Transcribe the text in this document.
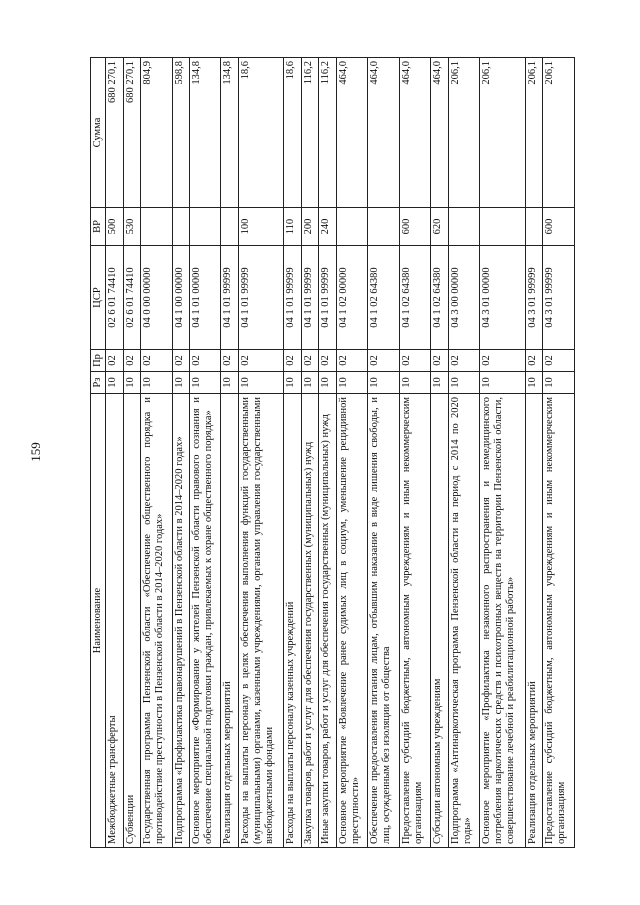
159
Наименование	Рз	Пр	ЦСР	ВР	Сумма
Межбюджетные трансферты	10	02	02 6 01 74410	500	680 270,1
Субвенции	10	02	02 6 01 74410	530	680 270,1
Государственная программа Пензенской области «Обеспечение общественного порядка и противодействие преступности в Пензенской области в 2014–2020 годах»	10	02	04 0 00 00000		804,9
Подпрограмма «Профилактика правонарушений в Пензенской области в 2014–2020 годах»	10	02	04 1 00 00000		598,8
Основное мероприятие «Формирование у жителей Пензенской области правового сознания и обеспечение специальной подготовки граждан, привлекаемых к охране общественного порядка»	10	02	04 1 01 00000		134,8
Реализация отдельных мероприятий	10	02	04 1 01 99999		134,8
Расходы на выплаты персоналу в целях обеспечения выполнения функций государственными (муниципальными) органами, казенными учреждениями, органами управления государственными внебюджетными фондами	10	02	04 1 01 99999	100	18,6
Расходы на выплаты персоналу казенных учреждений	10	02	04 1 01 99999	110	18,6
Закупка товаров, работ и услуг для обеспечения государственных (муниципальных) нужд	10	02	04 1 01 99999	200	116,2
Иные закупки товаров, работ и услуг для обеспечения государственных (муниципальных) нужд	10	02	04 1 01 99999	240	116,2
Основное мероприятие «Вовлечение ранее судимых лиц в социум, уменьшение рецидивной преступности»	10	02	04 1 02 00000		464,0
Обеспечение предоставления питания лицам, отбывшим наказание в виде лишения свободы, и лиц, осужденным без изоляции от общества	10	02	04 1 02 64380		464,0
Предоставление субсидий бюджетным, автономным учреждениям и иным некоммерческим организациям	10	02	04 1 02 64380	600	464,0
Субсидии автономным учреждениям	10	02	04 1 02 64380	620	464,0
Подпрограмма «Антинаркотическая программа Пензенской области на период с 2014 по 2020 годы»	10	02	04 3 00 00000		206,1
Основное мероприятие «Профилактика незаконного распространения и немедицинского потребления наркотических средств и психотропных веществ на территории Пензенской области, совершенствование лечебной и реабилитационной работы»	10	02	04 3 01 00000		206,1
Реализация отдельных мероприятий	10	02	04 3 01 99999		206,1
Предоставление субсидий бюджетным, автономным учреждениям и иным некоммерческим организациям	10	02	04 3 01 99999	600	206,1
